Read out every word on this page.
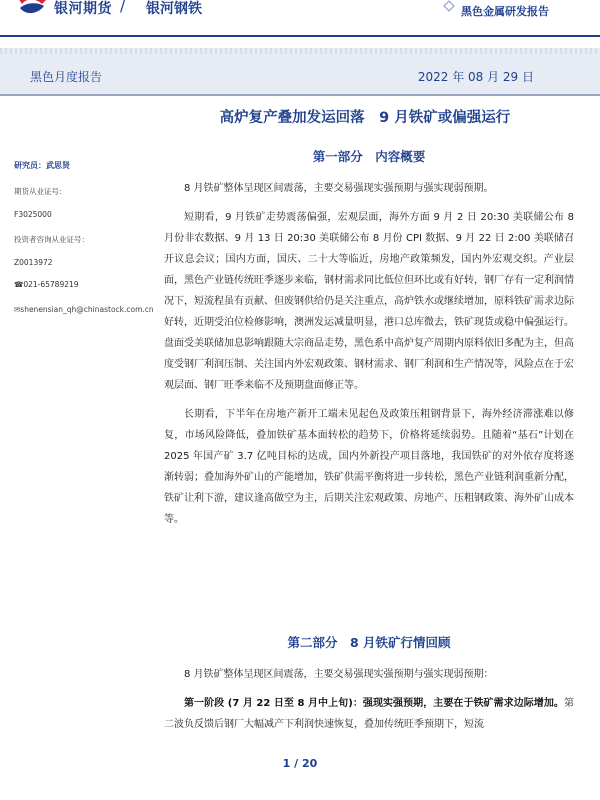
银河期货 / 银河钢铁	黑色金属研发报告
黑色月度报告	2022 年 08 月 29 日
高炉复产叠加发运回落　9 月铁矿或偏强运行
研究员：武思贤
期货从业证号：
F3025000
投资者咨询从业证号：
Z0013972
☎021-65789219
✉shenensian_qh@chinastock.com.cn
第一部分　内容概要

8 月铁矿整体呈现区间震荡，主要交易强现实强预期与强实现弱预期。

短期看，9 月铁矿走势震荡偏强，宏观层面，海外方面 9 月 2 日 20:30 美联储公布 8 月份非农数据、9 月 13 日 20:30 美联储公布 8 月份 CPI 数据、9 月 22 日 2:00 美联储召开议息会议；国内方面，国庆、二十大等临近，房地产政策频发，国内外宏观交织。产业层面，黑色产业链传统旺季逐步来临，钢材需求同比低位但环比或有好转，钢厂存有一定利润情况下，短流程虽有贡献、但废钢供给仍是关注重点，高炉铁水或继续增加，原料铁矿需求边际好转，近期受泊位检修影响，澳洲发运减量明显，港口总库微去，铁矿现货或稳中偏强运行。盘面受美联储加息影响跟随大宗商品走势，黑色系中高炉复产周期内原料依旧多配为主，但高度受钢厂利润压制、关注国内外宏观政策、钢材需求、钢厂利润和生产情况等，风险点在于宏观层面、钢厂旺季来临不及预期盘面修正等。

长期看，下半年在房地产新开工端未见起色及政策压粗钢背景下，海外经济滞涨难以修复，市场风险降低，叠加铁矿基本面转松的趋势下，价格将延续弱势。且随着“基石”计划在 2025 年国产矿 3.7 亿吨目标的达成，国内外新投产项目落地，我国铁矿的对外依存度将逐渐转弱；叠加海外矿山的产能增加，铁矿供需平衡将进一步转松，黑色产业链利润重新分配，铁矿让利下游，建议逢高做空为主，后期关注宏观政策、房地产、压粗钢政策、海外矿山成本等。

第二部分　8 月铁矿行情回顾

8 月铁矿整体呈现区间震荡，主要交易强现实强预期与强实现弱预期：

第一阶段 (7 月 22 日至 8 月中上旬)：强现实强预期，主要在于铁矿需求边际增加。第二波负反馈后钢厂大幅减产下利润快速恢复，叠加传统旺季预期下，短流

1 / 20
